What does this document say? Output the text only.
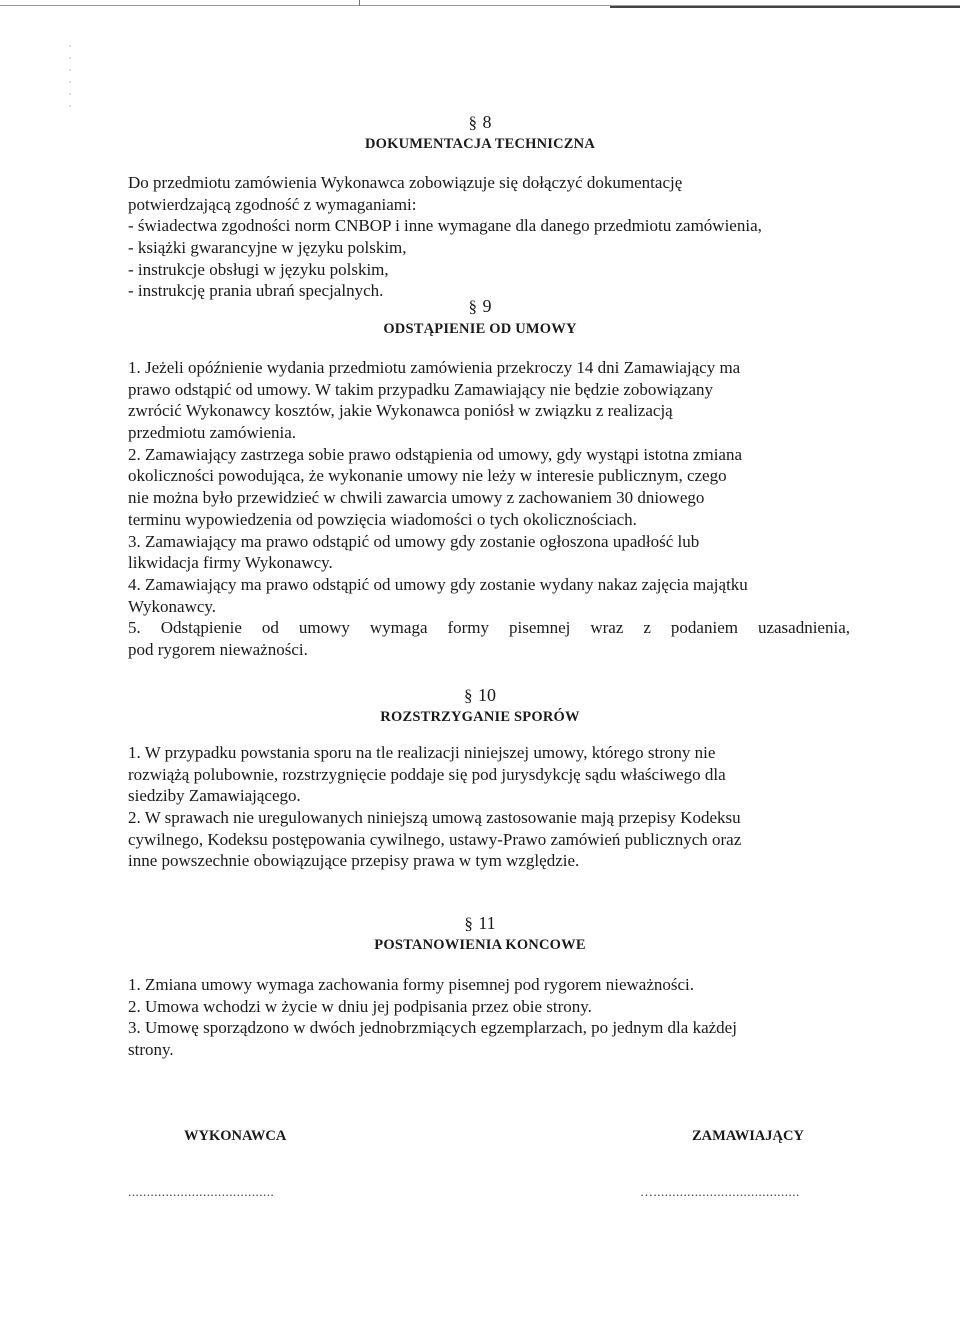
§ 8
DOKUMENTACJA TECHNICZNA
Do przedmiotu zamówienia Wykonawca zobowiązuje się dołączyć dokumentację
potwierdzającą zgodność z wymaganiami:
- świadectwa zgodności norm CNBOP i inne wymagane dla danego przedmiotu zamówienia,
- książki gwarancyjne w języku polskim,
- instrukcje obsługi w języku polskim,
- instrukcję prania ubrań specjalnych.
§ 9
ODSTĄPIENIE OD UMOWY
1. Jeżeli opóźnienie wydania przedmiotu zamówienia przekroczy 14 dni Zamawiający ma
prawo odstąpić od umowy. W takim przypadku Zamawiający nie będzie zobowiązany
zwrócić Wykonawcy kosztów, jakie Wykonawca poniósł w związku z realizacją
przedmiotu zamówienia.
2. Zamawiający zastrzega sobie prawo odstąpienia od umowy, gdy wystąpi istotna zmiana
okoliczności powodująca, że wykonanie umowy nie leży w interesie publicznym, czego
nie można było przewidzieć w chwili zawarcia umowy z zachowaniem 30 dniowego
terminu wypowiedzenia od powzięcia wiadomości o tych okolicznościach.
3. Zamawiający ma prawo odstąpić od umowy gdy zostanie ogłoszona upadłość lub
likwidacja firmy Wykonawcy.
4. Zamawiający ma prawo odstąpić od umowy gdy zostanie wydany nakaz zajęcia majątku
Wykonawcy.
5. Odstąpienie od umowy wymaga formy pisemnej wraz z podaniem uzasadnienia,
pod rygorem nieważności.
§ 10
ROZSTRZYGANIE SPORÓW
1. W przypadku powstania sporu na tle realizacji niniejszej umowy, którego strony nie
rozwiążą polubownie, rozstrzygnięcie poddaje się pod jurysdykcję sądu właściwego dla
siedziby Zamawiającego.
2. W sprawach nie uregulowanych niniejszą umową zastosowanie mają przepisy Kodeksu
cywilnego, Kodeksu postępowania cywilnego, ustawy-Prawo zamówień publicznych oraz
inne powszechnie obowiązujące przepisy prawa w tym względzie.
§ 11
POSTANOWIENIA KONCOWE
1. Zmiana umowy wymaga zachowania formy pisemnej pod rygorem nieważności.
2. Umowa wchodzi w życie w dniu jej podpisania przez obie strony.
3. Umowę sporządzono w dwóch jednobrzmiących egzemplarzach, po jednym dla każdej
strony.
WYKONAWCA	ZAMAWIAJĄCY
.......................................	….......................................
